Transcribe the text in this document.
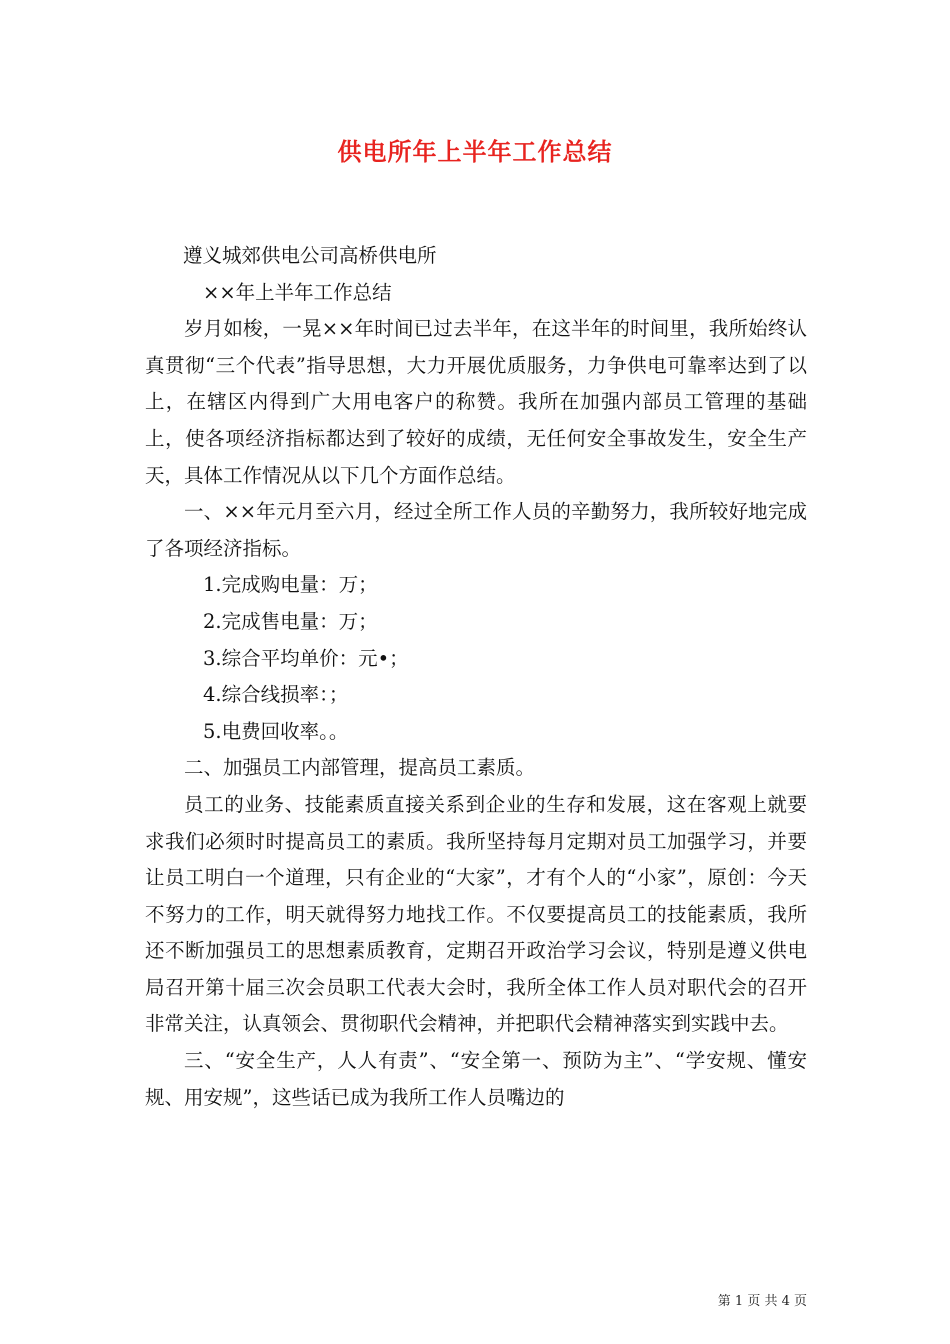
供电所年上半年工作总结

遵义城郊供电公司高桥供电所

××年上半年工作总结

岁月如梭，一晃××年时间已过去半年，在这半年的时间里，我所始终认真贯彻“三个代表”指导思想，大力开展优质服务，力争供电可靠率达到了以上，在辖区内得到广大用电客户的称赞。我所在加强内部员工管理的基础上，使各项经济指标都达到了较好的成绩，无任何安全事故发生，安全生产天，具体工作情况从以下几个方面作总结。

一、××年元月至六月，经过全所工作人员的辛勤努力，我所较好地完成了各项经济指标。

1.完成购电量：万；

2.完成售电量：万；

3.综合平均单价：元•；

4.综合线损率：；

5.电费回收率。。

二、加强员工内部管理，提高员工素质。

员工的业务、技能素质直接关系到企业的生存和发展，这在客观上就要求我们必须时时提高员工的素质。我所坚持每月定期对员工加强学习，并要让员工明白一个道理，只有企业的“大家”，才有个人的“小家”，原创：今天不努力的工作，明天就得努力地找工作。不仅要提高员工的技能素质，我所还不断加强员工的思想素质教育，定期召开政治学习会议，特别是遵义供电局召开第十届三次会员职工代表大会时，我所全体工作人员对职代会的召开非常关注，认真领会、贯彻职代会精神，并把职代会精神落实到实践中去。

三、“安全生产，人人有责”、“安全第一、预防为主”、“学安规、懂安规、用安规”，这些话已成为我所工作人员嘴边的

第 1 页 共 4 页
